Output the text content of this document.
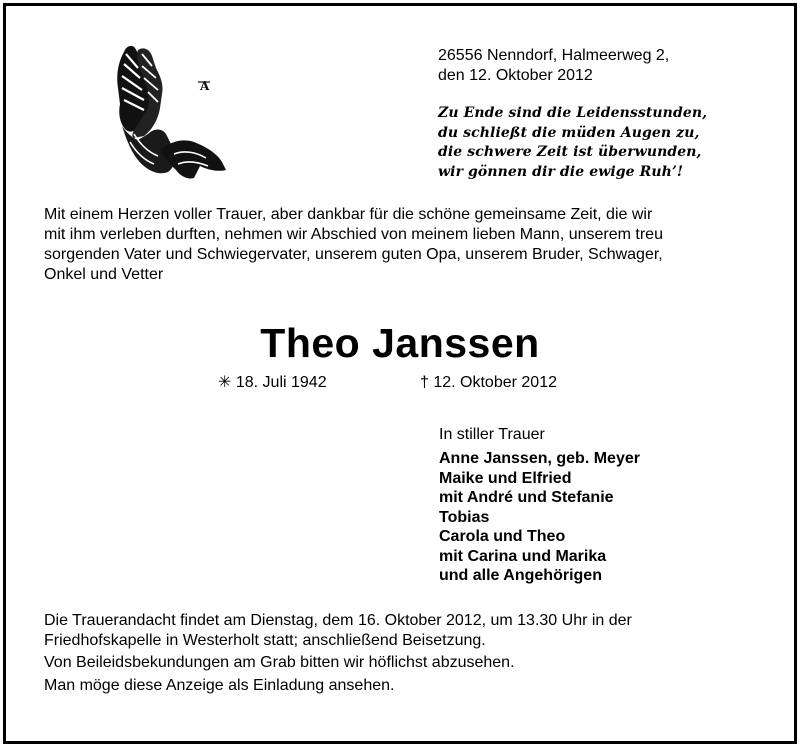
A
26556 Nenndorf, Halmeerweg 2,
den 12. Oktober 2012
Zu Ende sind die Leidensstunden,
du schließt die müden Augen zu,
die schwere Zeit ist überwunden,
wir gönnen dir die ewige Ruh’!
Mit einem Herzen voller Trauer, aber dankbar für die schöne gemeinsame Zeit, die wir
mit ihm verleben durften, nehmen wir Abschied von meinem lieben Mann, unserem treu
sorgenden Vater und Schwiegervater, unserem guten Opa, unserem Bruder, Schwager,
Onkel und Vetter
Theo Janssen
✳ 18. Juli 1942	† 12. Oktober 2012
In stiller Trauer
Anne Janssen, geb. Meyer
Maike und Elfried
mit André und Stefanie
Tobias
Carola und Theo
mit Carina und Marika
und alle Angehörigen
Die Trauerandacht findet am Dienstag, dem 16. Oktober 2012, um 13.30 Uhr in der
Friedhofskapelle in Westerholt statt; anschließend Beisetzung.
Von Beileidsbekundungen am Grab bitten wir höflichst abzusehen.
Man möge diese Anzeige als Einladung ansehen.
